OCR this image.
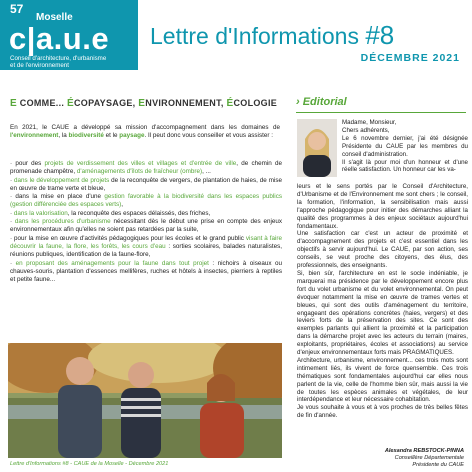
57
Moselle
c|a.u.e
Conseil d'architecture, d'urbanisme
et de l'environnement
Lettre d'Informations #8
DÉCEMBRE 2021
E COMME... ÉCOPAYSAGE, ENVIRONNEMENT, ÉCOLOGIE
En 2021, le CAUE a développé sa mission d'accompagnement dans les domaines de l'environnement, la biodiversité et le paysage. Il peut donc vous conseiller et vous assister :

· pour des projets de verdissement des villes et villages et d'entrée de ville, de chemin de promenade champêtre, d'aménagements d'îlots de fraîcheur (ombre), ...

· dans le développement de projets de la reconquête de vergers, de plantation de haies, de mise en œuvre de trame verte et bleue,

· dans la mise en place d'une gestion favorable à la biodiversité dans les espaces publics (gestion différenciée des espaces verts),

· dans la valorisation, la reconquête des espaces délaissés, des friches,

· dans les procédures d'urbanisme nécessitant dès le début une prise en compte des enjeux environnementaux afin qu'elles ne soient pas retardées par la suite,

· pour la mise en œuvre d'activités pédagogiques pour les écoles et le grand public visant à faire découvrir la faune, la flore, les forêts, les cours d'eau : sorties scolaires, balades naturalistes, réunions publiques, identification de la faune-flore,

· en proposant des aménagements pour la faune dans tout projet : nichoirs à oiseaux ou chauves-souris, plantation d'essences mellifères, ruches et hôtels à insectes, pierriers à reptiles et petite faune...

Lettre d'Informations #8 - CAUE de la Moselle - Décembre 2021
› Editorial

Madame, Monsieur,

Chers adhérents,

Le 6 novembre dernier, j'ai été désignée Présidente du CAUE par les membres du conseil d'administration.

Il s'agit là pour moi d'un honneur et d'une réelle satisfaction. Un honneur car les va-

leurs et le sens portés par le Conseil d'Architecture, d'Urbanisme et de l'Environnement me sont chers ; le conseil, la formation, l'information, la sensibilisation mais aussi l'approche pédagogique pour initier des démarches alliant la qualité des programmes à des enjeux sociétaux aujourd'hui fondamentaux.

Une satisfaction car c'est un acteur de proximité et d'accompagnement des projets et c'est essentiel dans les objectifs à servir aujourd'hui. Le CAUE, par son action, ses conseils, se veut proche des citoyens, des élus, des professionnels, des enseignants.

Si, bien sûr, l'architecture en est le socle indéniable, je marquerai ma présidence par le développement encore plus fort du volet urbanisme et du volet environnemental. On peut évoquer notamment la mise en œuvre de trames vertes et bleues, qui sont des outils d'aménagement du territoire, engageant des opérations concrètes (haies, vergers) et des leviers forts de la préservation des sites. Ce sont des exemples parlants qui allient la proximité et la participation dans la démarche projet avec les acteurs du terrain (maires, exploitants, propriétaires, écoles et associations) au service d'enjeux environnementaux forts mais PRAGMATIQUES.

Architecture, urbanisme, environnement... ces trois mots sont intimement liés, ils vivent de force quensemble. Ces trois thématiques sont fondamentales aujourd'hui car elles nous parlent de la vie, celle de l'homme bien sûr, mais aussi la vie de toutes les espèces animales et végétales, de leur interdépendance et leur nécessaire cohabitation.

Je vous souhaite à vous et à vos proches de très belles fêtes de fin d'année.

Alexandra REBSTOCK-PINNA
Conseillère Départementale
Présidente du CAUE
